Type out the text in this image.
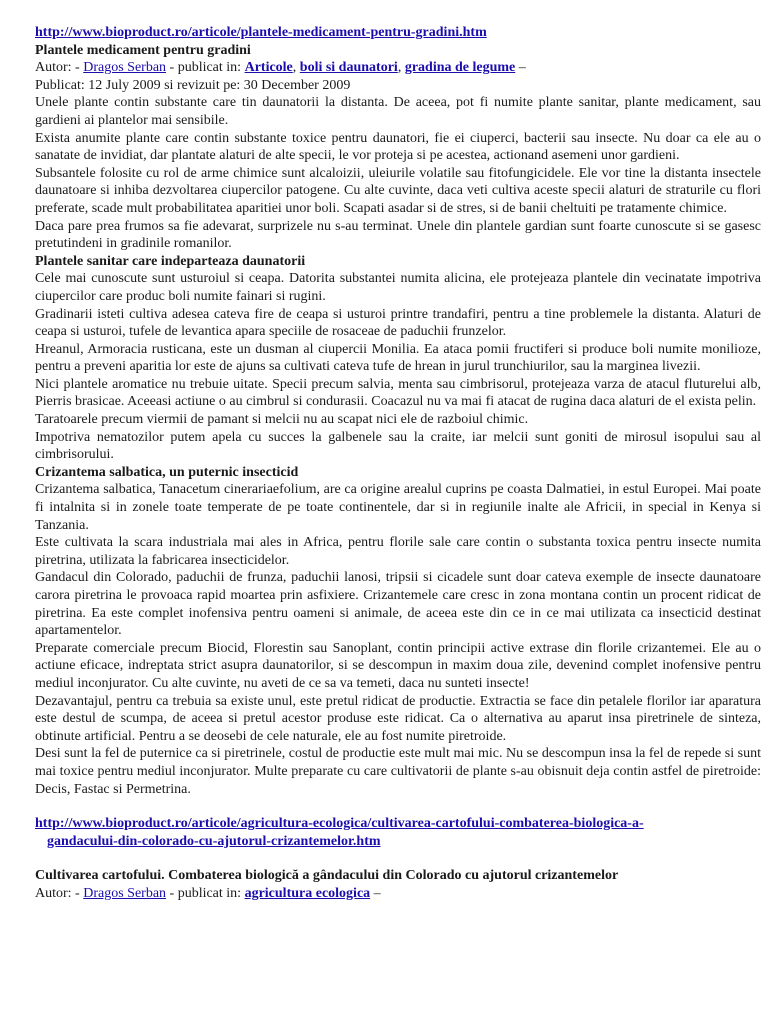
http://www.bioproduct.ro/articole/plantele-medicament-pentru-gradini.htm

Plantele medicament pentru gradini

Autor: - Dragos Serban - publicat in: Articole, boli si daunatori, gradina de legume –

Publicat: 12 July 2009 si revizuit pe: 30 December 2009

Unele plante contin substante care tin daunatorii la distanta. De aceea, pot fi numite plante sanitar, plante medicament, sau gardieni ai plantelor mai sensibile.

Exista anumite plante care contin substante toxice pentru daunatori, fie ei ciuperci, bacterii sau insecte. Nu doar ca ele au o sanatate de invidiat, dar plantate alaturi de alte specii, le vor proteja si pe acestea, actionand asemeni unor gardieni.

Subsantele folosite cu rol de arme chimice sunt alcaloizii, uleiurile volatile sau fitofungicidele. Ele vor tine la distanta insectele daunatoare si inhiba dezvoltarea ciupercilor patogene. Cu alte cuvinte, daca veti cultiva aceste specii alaturi de straturile cu flori preferate, scade mult probabilitatea aparitiei unor boli. Scapati asadar si de stres, si de banii cheltuiti pe tratamente chimice.

Daca pare prea frumos sa fie adevarat, surprizele nu s-au terminat. Unele din plantele gardian sunt foarte cunoscute si se gasesc pretutindeni in gradinile romanilor.

Plantele sanitar care indeparteaza daunatorii

Cele mai cunoscute sunt usturoiul si ceapa. Datorita substantei numita alicina, ele protejeaza plantele din vecinatate impotriva ciupercilor care produc boli numite fainari si rugini.

Gradinarii isteti cultiva adesea cateva fire de ceapa si usturoi printre trandafiri, pentru a tine problemele la distanta. Alaturi de ceapa si usturoi, tufele de levantica apara speciile de rosaceae de paduchii frunzelor.

Hreanul, Armoracia rusticana, este un dusman al ciupercii Monilia. Ea ataca pomii fructiferi si produce boli numite monilioze, pentru a preveni aparitia lor este de ajuns sa cultivati cateva tufe de hrean in jurul trunchiurilor, sau la marginea livezii.

Nici plantele aromatice nu trebuie uitate. Specii precum salvia, menta sau cimbrisorul, protejeaza varza de atacul fluturelui alb, Pierris brasicae. Aceeasi actiune o au cimbrul si condurasii. Coacazul nu va mai fi atacat de rugina daca alaturi de el exista pelin.

Taratoarele precum viermii de pamant si melcii nu au scapat nici ele de razboiul chimic.

Impotriva nematozilor putem apela cu succes la galbenele sau la craite, iar melcii sunt goniti de mirosul isopului sau al cimbrisorului.

Crizantema salbatica, un puternic insecticid

Crizantema salbatica, Tanacetum cinerariaefolium, are ca origine arealul cuprins pe coasta Dalmatiei, in estul Europei. Mai poate fi intalnita si in zonele toate temperate de pe toate continentele, dar si in regiunile inalte ale Africii, in special in Kenya si Tanzania.

Este cultivata la scara industriala mai ales in Africa, pentru florile sale care contin o substanta toxica pentru insecte numita piretrina, utilizata la fabricarea insecticidelor.

Gandacul din Colorado, paduchii de frunza, paduchii lanosi, tripsii si cicadele sunt doar cateva exemple de insecte daunatoare carora piretrina le provoaca rapid moartea prin asfixiere. Crizantemele care cresc in zona montana contin un procent ridicat de piretrina. Ea este complet inofensiva pentru oameni si animale, de aceea este din ce in ce mai utilizata ca insecticid destinat apartamentelor.

Preparate comerciale precum Biocid, Florestin sau Sanoplant, contin principii active extrase din florile crizantemei. Ele au o actiune eficace, indreptata strict asupra daunatorilor, si se descompun in maxim doua zile, devenind complet inofensive pentru mediul inconjurator. Cu alte cuvinte, nu aveti de ce sa va temeti, daca nu sunteti insecte!

Dezavantajul, pentru ca trebuia sa existe unul, este pretul ridicat de productie. Extractia se face din petalele florilor iar aparatura este destul de scumpa, de aceea si pretul acestor produse este ridicat. Ca o alternativa au aparut insa piretrinele de sinteza, obtinute artificial. Pentru a se deosebi de cele naturale, ele au fost numite piretroide.

Desi sunt la fel de puternice ca si piretrinele, costul de productie este mult mai mic. Nu se descompun insa la fel de repede si sunt mai toxice pentru mediul inconjurator. Multe preparate cu care cultivatorii de plante s-au obisnuit deja contin astfel de piretroide: Decis, Fastac si Permetrina.

http://www.bioproduct.ro/articole/agricultura-ecologica/cultivarea-cartofului-combaterea-biologica-a-
gandacului-din-colorado-cu-ajutorul-crizantemelor.htm

Cultivarea cartofului. Combaterea biologică a gândacului din Colorado cu ajutorul crizantemelor

Autor: - Dragos Serban - publicat in: agricultura ecologica –
